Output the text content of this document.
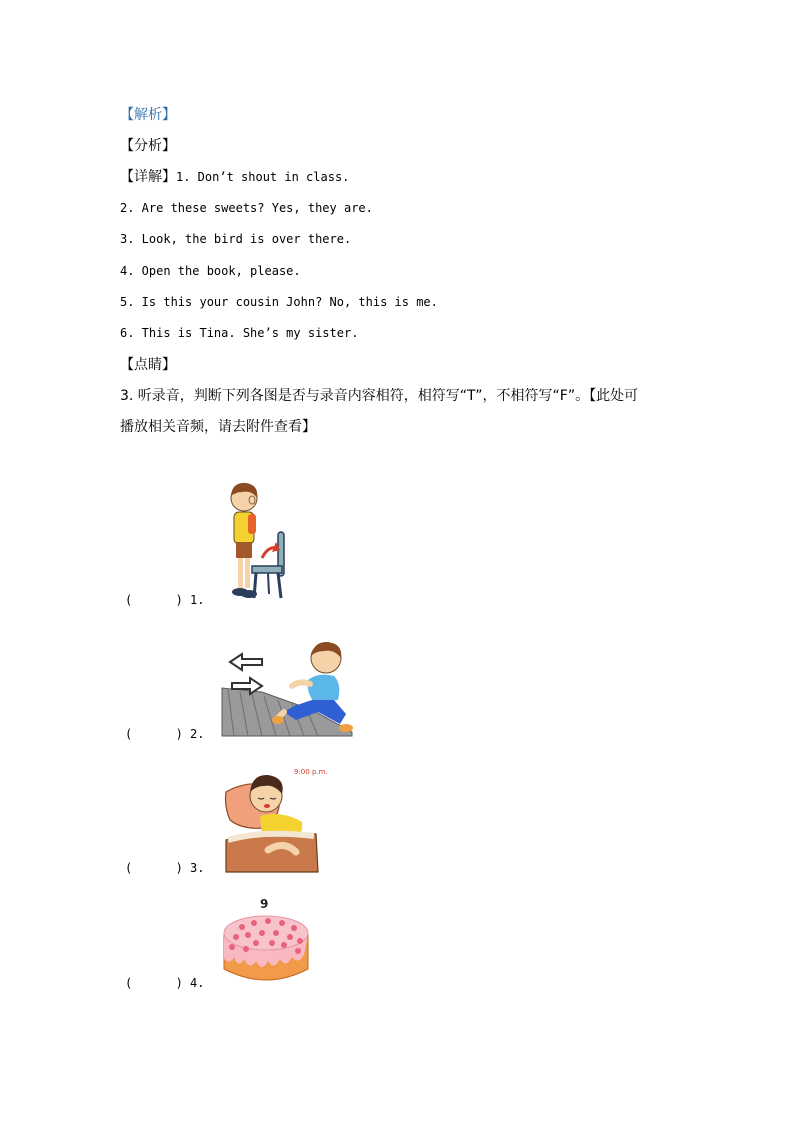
【解析】
【分析】
【详解】1. Don’t shout in class.
2. Are these sweets? Yes, they are.
3. Look, the bird is over there.
4. Open the book, please.
5. Is this your cousin John? No, this is me.
6. This is Tina. She’s my sister.
【点睛】
3. 听录音，判断下列各图是否与录音内容相符，相符写“T”，不相符写“F”。【此处可
播放相关音频，请去附件查看】
(      ) 1.
(      ) 2.
(      ) 3.
9:00 p.m.
(      ) 4.
9
